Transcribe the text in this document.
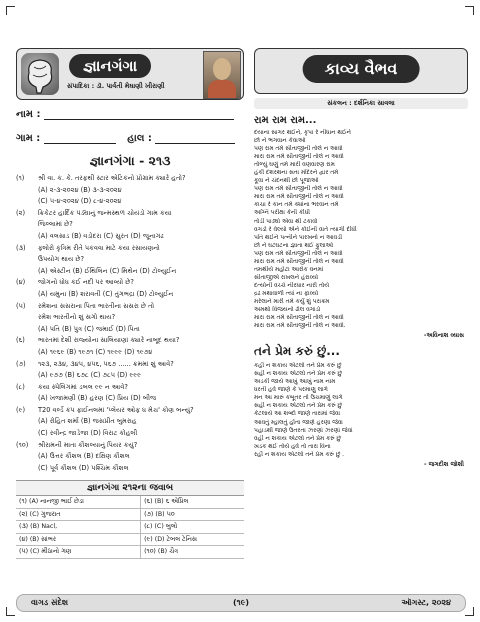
જ્ઞાનગંગા
સંપાદિકા : ડૉ. પાર્વતી મેઘાણી ખીરાણી
નામ :
ગામ :	હાલ :
જ્ઞાનગંગા - ૨૧૩
(૧) શ્રી વા. ક. કે. તરફથી સ્ટાર એટિકનો પ્રોગ્રામ ક્યારે હતો?
(A) ૨-૩-૨૦૨૪ (B) ૩-૩-૨૦૨૪
(C) ૫-૪-૨૦૨૪ (D) ૮-૪-૨૦૨૪
(૨) ક્રિકેટર હાર્દિક પંડ્યાનું જન્મસ્થળ ચોયંડો ગામ કયા
જિલ્લામાં છે?
(A) વલસાડ (B) વડોદરા (C) સુરત (D) જૂનાગઢ
(૩) ફ્લોરો કૃત્રિમ રીતે પકવવા માટે કયા રસાયણનો
ઉપયોગ થાય છે?
(A) એસ્ટીન (B) ઈથિલિન (C) મિથેન (D) ટોલ્યુઈન
(૪) જોગનો ધોધ કઈ નદી પર આવ્યો છે?
(A) યમુના (B) શરાવતી (C) તુંગભદ્રા (D) ટોલ્યુઈન
(૫) રમેશના સસરાના પિતા ભારતીના સસરા છે તો
રમેશ ભારતીનો શું સગો થાય?
(A) પતિ (B) પુત્ર (C) જમાઈ (D) પિતા
(૬) ભારતમાં દેશી રાજ્યોના સાલિયાણાં ક્યારે નાબૂદ થયા?
(A) ૧૯૬૯ (B) ૧૯૭૧ (C) ૧૯૯૯ (D) ૧૯૭૪
(૭) ૧૨૩, ૨૩૪, ૩૪૫, ૪૫૬, ૫૬૭ ...... ક્રમમાં શું આવે?
(A) ૯૭૭ (B) ૬૭૮ (C) ૭૮૫ (D) ૯૯૯
(૮) કયા સ્પેલિંગમાં ડબલ ૯૯ ન આવે?
(A) ખજામણી (B) હરણ (C) પ્રિય (D) બીજ
(૯) T20 વર્લ્ડ કપ ફાઈનલમાં 'પ્લેયર ઓફ ધ મેચ' કોણ બન્યું?
(A) રોહિત શર્મા (B) જસપ્રીત બુમરાહ
(C) રવીન્દ્ર જાડેજા (D) વિરાટ કોહલી
(૧૦) શ્રીરામની માતા કૌશલ્યાનું પિયર કયું?
(A) ઉત્તર કૌશલ (B) દક્ષિણ કૌશલ
(C) પૂર્વ કૌશલ (D) પશ્ચિમ કૌશલ
જ્ઞાનગંગા ૨૧૨ના જવાબ
(૧) (A) નાનજી ભાઈ છેડા	(૬) (B) ૬ એપ્રિલ
(૨) (C) ગુજરાત	(૭) (B) ૫૦
(૩) (B) Nacl,	(૮) (C) બુલો
(૪) (B) સાંભર	(૯) (D) ટેબલ ટેનિસ
(૫) (C) મીઠાનો ગણ	(૧૦) (B) ચૈત્ર
કાવ્ય વૈભવ
સંકલન : દર્શનિકા સાવલા
રામ રામ રામ...
દયાના સાગર થઈને, કૃપા રે નીધાન થઈને
છો ને ભગવાન કેવાઓ
પણ રામ તમે સીતાજીની તોલે ન આવો
મારા રામ તમે સીતાજીની તોલે ન આવો
તોળ્યું ઘણું તમે મારી વણવારણ રામ
હંકી દશરથના સતા મંદિરને દ્વાર તમે
કૂવા ને ચંદનથી છો પૂજાઓ
પણ રામ તમે સીતાજીની તોલે ન આવો
મારા રામ તમે સીતાજીની તોલે ન આવો
કાચા રે કાન તમે ક્યાંના ભરવાન તમે
અગ્નિ પરીક્ષા કેની કીધી
તોડી પાડ્યો એવા થી ટકાવો
વગડો રે વેલ્યો એને કોઈની વાતે ત્યાગી દીધી
પતિ થઈને પત્નીને પારખનો ન આવડી
છો ને ઘટઘટના જ્ઞાતા થઈ ફુલાઓ
પણ રામ તમે સીતાજીની તોલે ન આવો
મારા રામ તમે સીતાજીની તોલે ન આવો
તમથીયે મહોટા આરોક વનમાં
સીતાજીએ રાખલને હંરાવ્યો
દૈત્યોની વચ્ચે નીરધાર નારી તોયે
દ્રઢ મથાવાળી ત્યાં ના ફાવ્યો
મરેલાને મારી તમે કર્યું શું પરાક્રમ
અમથો વિજયનો ઢોલ વગાડો
મારા રામ તમે સીતાજીની તોલે ન આવો
મારા રામ તમે સીતાજીની તોલે ન આવો.
-અવિનાશ વ્યાસ
તને પ્રેમ કરું છું...
કહી ન શકાય એટલો તને પ્રેમ કરું છું
સહી ન શકાય એટલો તને પ્રેમ કરું છું
અડકી જાયે આખું આખું નામ નામ
ધરતી હવે જાણે કે પરમાણુ લાગે
મન આ મારું કબૂતર તો ઉચમાણું લાગે
સહી ન શકાય એટલો તને પ્રેમ કરું છું
કેટલાયે આ શબ્દો જાણે તારામાં જેવા
આવતું મ્હાલતું હોંતા જાણે હરણા જેવા
પહાડથી જાણે ઉતરતા ઝરણાં ઝરણાં જેવાં
વહી ન શકાય એટલો તને પ્રેમ કરું છું
ખડક થઈ તોયે હવે તો તારા વિના
રહી ન શકાય એટલો તને પ્રેમ કરું છું .
- જગદીશ જોશી
વાગડ સંદેશ	(૧૯)	ઑગસ્ટ, ૨૦૨૪
